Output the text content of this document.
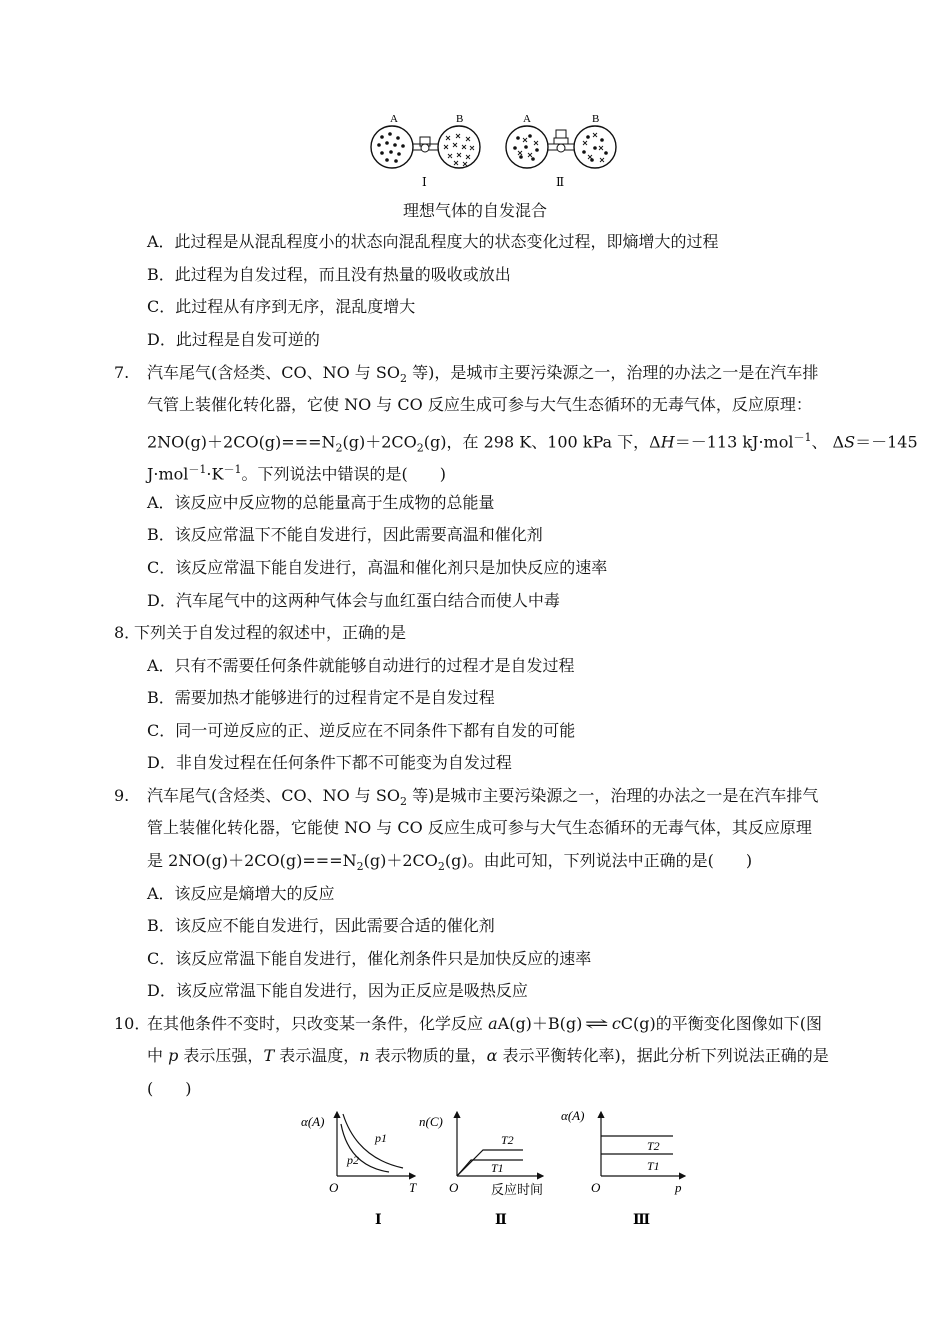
A	B
Ⅰ
A	B
Ⅱ
理想气体的自发混合
A．此过程是从混乱程度小的状态向混乱程度大的状态变化过程，即熵增大的过程
B．此过程为自发过程，而且没有热量的吸收或放出
C．此过程从有序到无序，混乱度增大
D．此过程是自发可逆的
7. 汽车尾气(含烃类、CO、NO 与 $SO_2$ 等)，是城市主要污染源之一，治理的办法之一是在汽车排
气管上装催化转化器，它使 NO 与 CO 反应生成可参与大气生态循环的无毒气体，反应原理：
$2NO(g)+2CO(g)===N_2(g)+2CO_2(g)$，在 298 K、100 kPa 下，ΔH＝－113 kJ·mol$^{-1}$、 ΔS＝－145
$J\cdot mol^{-1}\cdot K^{-1}$。下列说法中错误的是(　　)
A．该反应中反应物的总能量高于生成物的总能量
B．该反应常温下不能自发进行，因此需要高温和催化剂
C．该反应常温下能自发进行，高温和催化剂只是加快反应的速率
D．汽车尾气中的这两种气体会与血红蛋白结合而使人中毒
8．
下列关于自发过程的叙述中，正确的是
A．只有不需要任何条件就能够自动进行的过程才是自发过程
B．需要加热才能够进行的过程肯定不是自发过程
C．同一可逆反应的正、逆反应在不同条件下都有自发的可能
D．非自发过程在任何条件下都不可能变为自发过程
9. 汽车尾气(含烃类、CO、NO 与 $SO_2$ 等)是城市主要污染源之一，治理的办法之一是在汽车排气
管上装催化转化器，它能使 NO 与 CO 反应生成可参与大气生态循环的无毒气体，其反应原理
是 $2NO(g)+2CO(g)===N_2(g)+2CO_2(g)$。由此可知，下列说法中正确的是(　　)
A．该反应是熵增大的反应
B．该反应不能自发进行，因此需要合适的催化剂
C．该反应常温下能自发进行，催化剂条件只是加快反应的速率
D．该反应常温下能自发进行，因为正反应是吸热反应
10．
在其他条件不变时，只改变某一条件，化学反应 aA(g)＋B(g) ⇌ cC(g)的平衡变化图像如下(图
中 p 表示压强，T 表示温度，n 表示物质的量，α 表示平衡转化率)，据此分析下列说法正确的是
(　　)
α(A)
p1
p2
O	T
Ⅰ
n(C)
T2
T1
O	反应时间
Ⅱ
α(A)
T2
T1
O	p
Ⅲ
